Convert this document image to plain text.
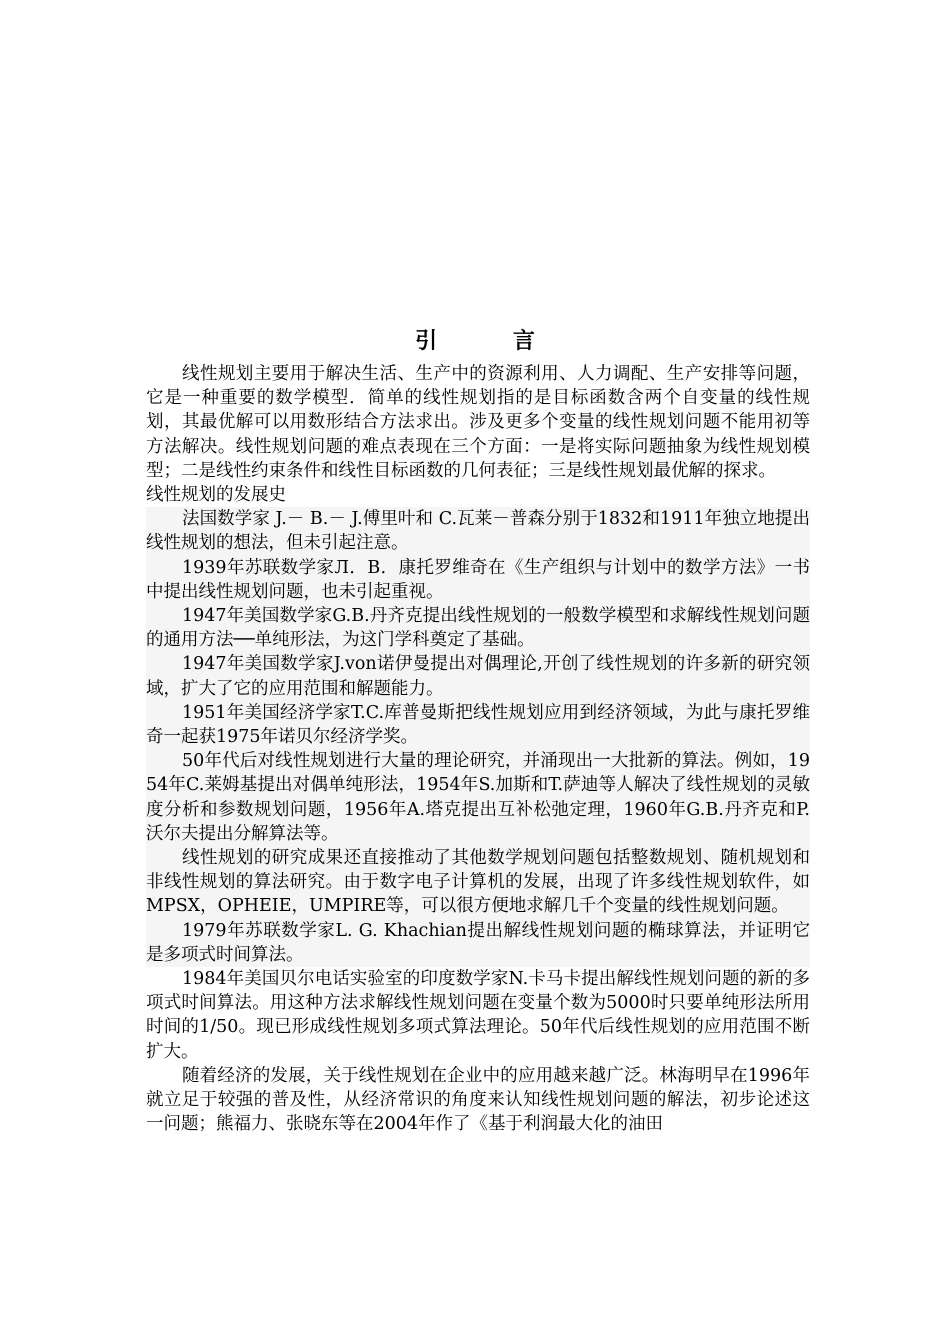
引 言

线性规划主要用于解决生活、生产中的资源利用、人力调配、生产安排等问题，它是一种重要的数学模型．简单的线性规划指的是目标函数含两个自变量的线性规划，其最优解可以用数形结合方法求出。涉及更多个变量的线性规划问题不能用初等方法解决。线性规划问题的难点表现在三个方面：一是将实际问题抽象为线性规划模型；二是线性约束条件和线性目标函数的几何表征；三是线性规划最优解的探求。

线性规划的发展史

法国数学家 J.－ B.－ J.傅里叶和 C.瓦莱－普森分别于1832和1911年独立地提出线性规划的想法，但未引起注意。

1939年苏联数学家Л．В．康托罗维奇在《生产组织与计划中的数学方法》一书中提出线性规划问题，也未引起重视。

1947年美国数学家G.B.丹齐克提出线性规划的一般数学模型和求解线性规划问题的通用方法──单纯形法，为这门学科奠定了基础。

1947年美国数学家J.von诺伊曼提出对偶理论,开创了线性规划的许多新的研究领域，扩大了它的应用范围和解题能力。

1951年美国经济学家T.C.库普曼斯把线性规划应用到经济领域，为此与康托罗维奇一起获1975年诺贝尔经济学奖。

50年代后对线性规划进行大量的理论研究，并涌现出一大批新的算法。例如，1954年C.莱姆基提出对偶单纯形法，1954年S.加斯和T.萨迪等人解决了线性规划的灵敏度分析和参数规划问题，1956年A.塔克提出互补松弛定理，1960年G.B.丹齐克和P.沃尔夫提出分解算法等。

线性规划的研究成果还直接推动了其他数学规划问题包括整数规划、随机规划和非线性规划的算法研究。由于数字电子计算机的发展，出现了许多线性规划软件，如MPSX，OPHEIE，UMPIRE等，可以很方便地求解几千个变量的线性规划问题。

1979年苏联数学家L. G. Khachian提出解线性规划问题的椭球算法，并证明它是多项式时间算法。

1984年美国贝尔电话实验室的印度数学家N.卡马卡提出解线性规划问题的新的多项式时间算法。用这种方法求解线性规划问题在变量个数为5000时只要单纯形法所用时间的1/50。现已形成线性规划多项式算法理论。50年代后线性规划的应用范围不断扩大。

随着经济的发展，关于线性规划在企业中的应用越来越广泛。林海明早在1996年就立足于较强的普及性，从经济常识的角度来认知线性规划问题的解法，初步论述这一问题；熊福力、张晓东等在2004年作了《基于利润最大化的油田
